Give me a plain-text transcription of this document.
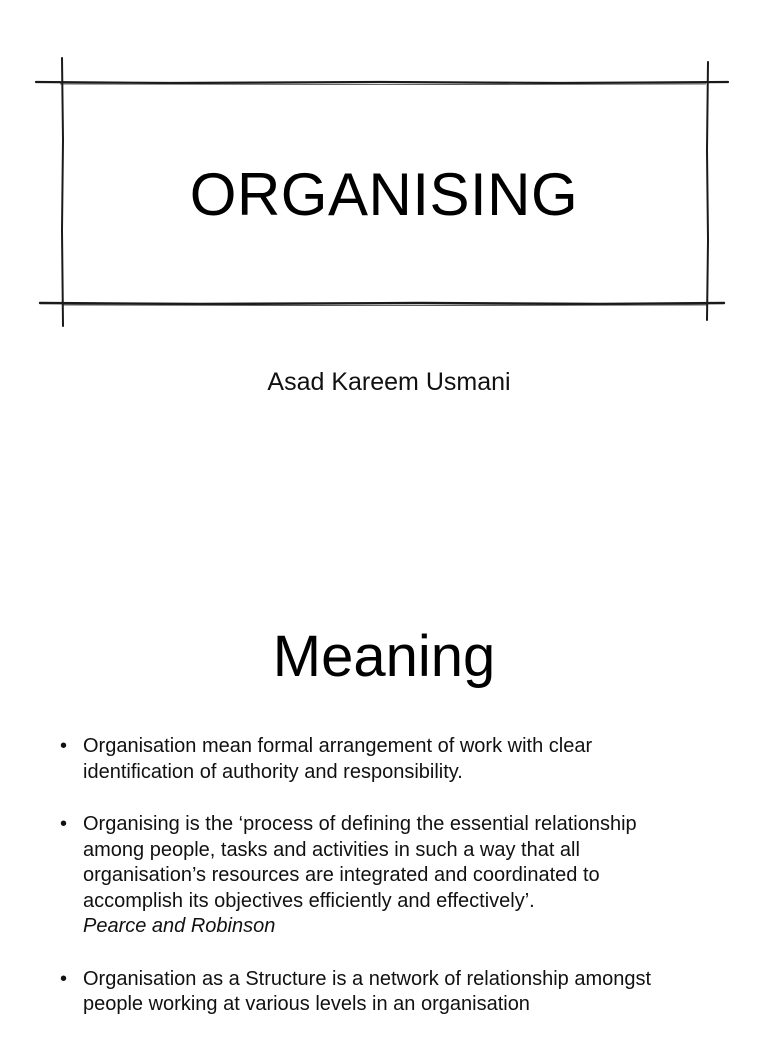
ORGANISING
Asad Kareem Usmani
Meaning
• Organisation mean formal arrangement of work with clear
identification of authority and responsibility.
• Organising is the ‘process of defining the essential relationship
among people, tasks and activities in such a way that all
organisation’s resources are integrated and coordinated to
accomplish its objectives efficiently and effectively’.
Pearce and Robinson
• Organisation as a Structure is a network of relationship amongst
people working at various levels in an organisation
